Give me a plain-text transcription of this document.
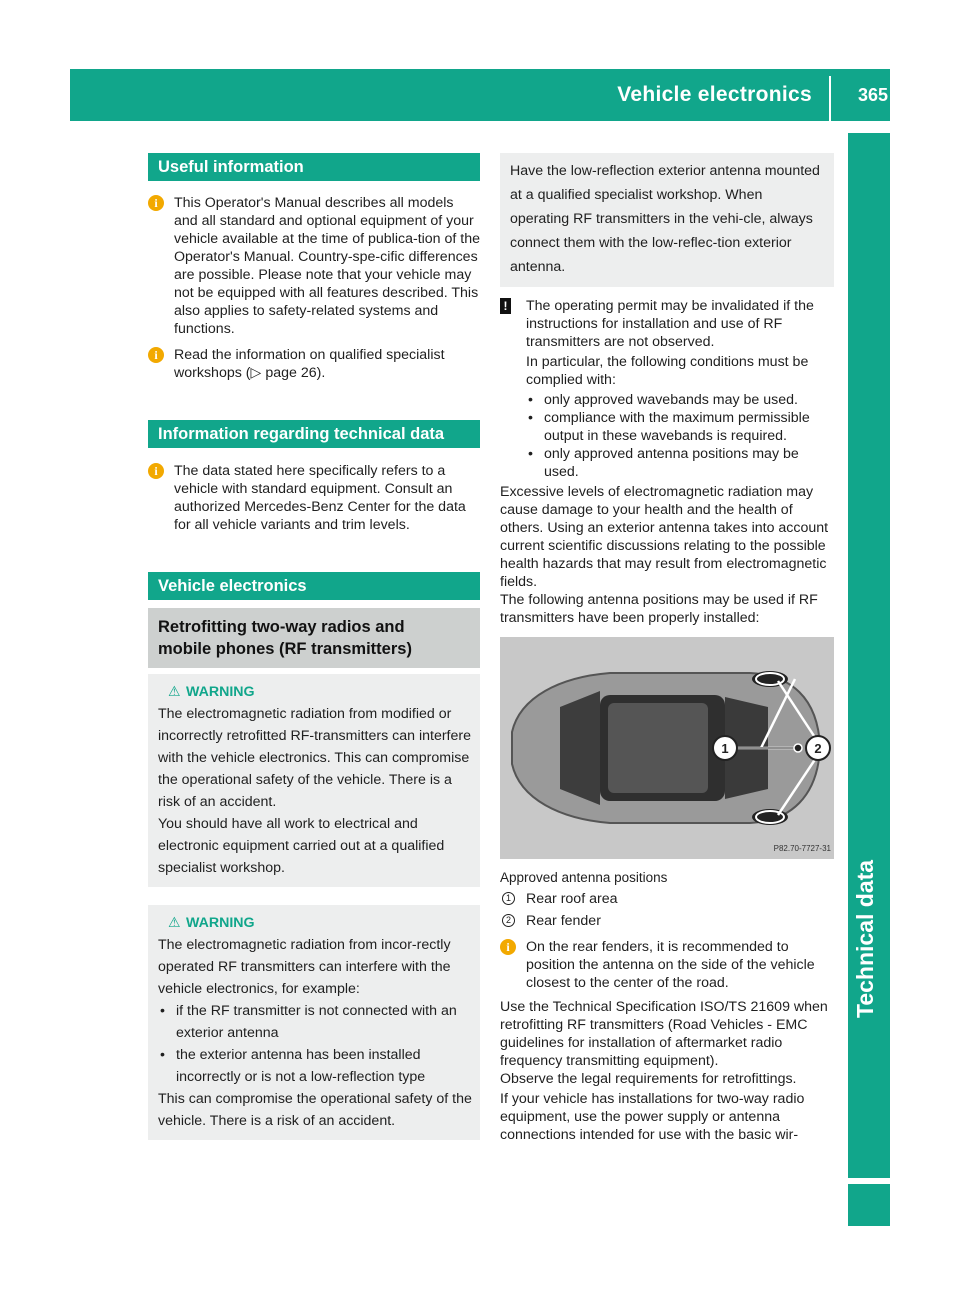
Vehicle electronics	365
Technical data
Useful information
i	This Operator's Manual describes all models and all standard and optional equipment of your vehicle available at the time of publica-tion of the Operator's Manual. Country-spe-cific differences are possible. Please note that your vehicle may not be equipped with all features described. This also applies to safety-related systems and functions.

i	Read the information on qualified specialist workshops (▷ page 26).

Information regarding technical data
i	The data stated here specifically refers to a vehicle with standard equipment. Consult an authorized Mercedes-Benz Center for the data for all vehicle variants and trim levels.

Vehicle electronics
Retrofitting two-way radios and
mobile phones (RF transmitters)
⚠ WARNING
The electromagnetic radiation from modified or incorrectly retrofitted RF-transmitters can interfere with the vehicle electronics. This can compromise the operational safety of the vehicle. There is a risk of an accident.
You should have all work to electrical and electronic equipment carried out at a qualified specialist workshop.
⚠ WARNING
The electromagnetic radiation from incor-rectly operated RF transmitters can interfere with the vehicle electronics, for example:
• if the RF transmitter is not connected with an exterior antenna
• the exterior antenna has been installed incorrectly or is not a low-reflection type
This can compromise the operational safety of the vehicle. There is a risk of an accident.
Have the low-reflection exterior antenna mounted at a qualified specialist workshop. When operating RF transmitters in the vehi-cle, always connect them with the low-reflec-tion exterior antenna.
! The operating permit may be invalidated if the instructions for installation and use of RF transmitters are not observed.

In particular, the following conditions must be complied with:

• only approved wavebands may be used.
• compliance with the maximum permissible output in these wavebands is required.
• only approved antenna positions may be used.
Excessive levels of electromagnetic radiation may cause damage to your health and the health of others. Using an exterior antenna takes into account current scientific discussions relating to the possible health hazards that may result from electromagnetic fields.
The following antenna positions may be used if RF transmitters have been properly installed:
1	2
P82.70-7727-31
Approved antenna positions
1 Rear roof area
2 Rear fender
i	On the rear fenders, it is recommended to position the antenna on the side of the vehicle closest to the center of the road.

Use the Technical Specification ISO/TS 21609 when retrofitting RF transmitters (Road Vehicles - EMC guidelines for installation of aftermarket radio frequency transmitting equipment).
Observe the legal requirements for retrofittings.
If your vehicle has installations for two-way radio equipment, use the power supply or antenna connections intended for use with the basic wir-
